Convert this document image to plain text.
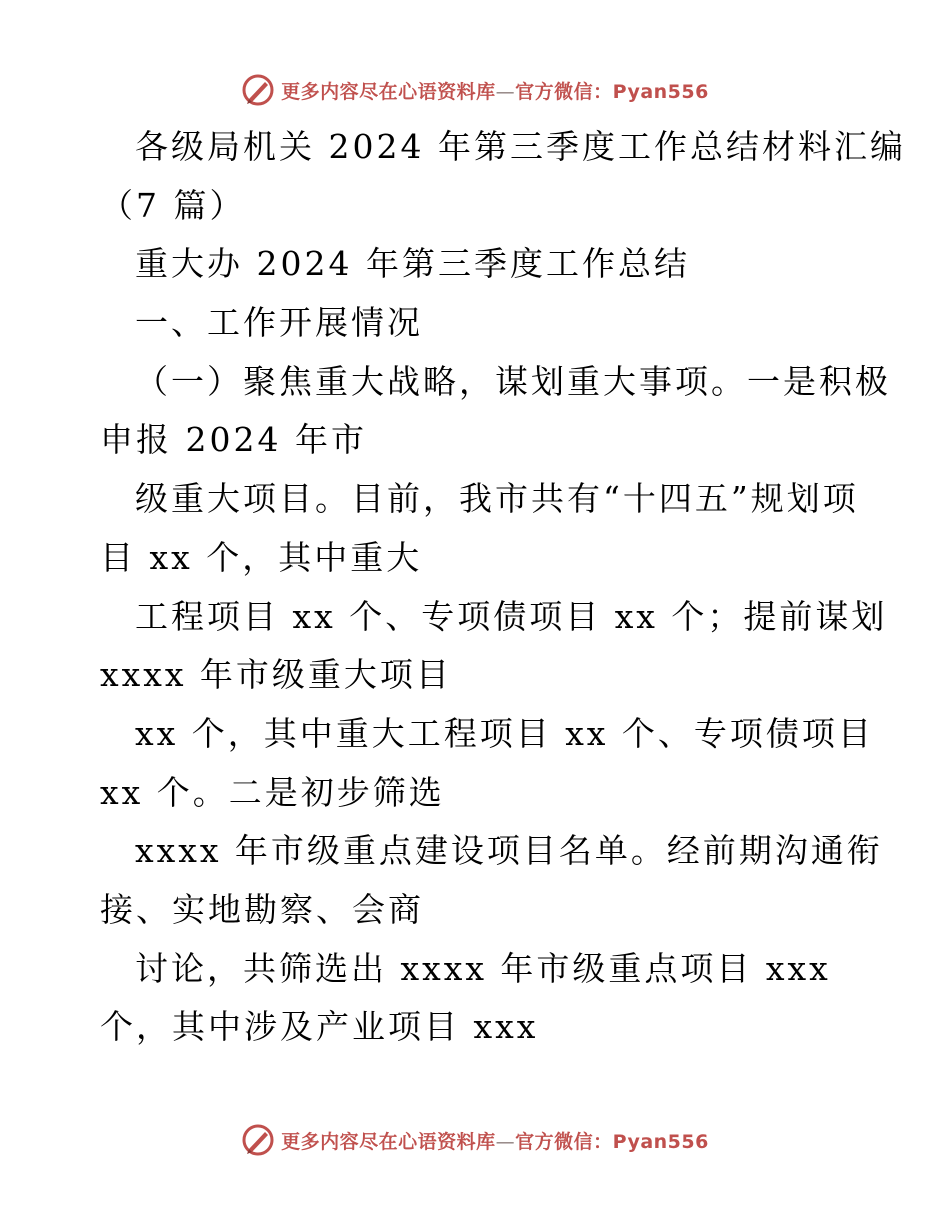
更多内容尽在心语资料库—官方微信：Pyan556
各级局机关 2024 年第三季度工作总结材料汇编
（7 篇）
重大办 2024 年第三季度工作总结
一、工作开展情况
（一）聚焦重大战略，谋划重大事项。一是积极
申报 2024 年市
级重大项目。目前，我市共有“十四五”规划项
目 xx 个，其中重大
工程项目 xx 个、专项债项目 xx 个；提前谋划
xxxx 年市级重大项目
xx 个，其中重大工程项目 xx 个、专项债项目
xx 个。二是初步筛选
xxxx 年市级重点建设项目名单。经前期沟通衔
接、实地勘察、会商
讨论，共筛选出 xxxx 年市级重点项目 xxx
个，其中涉及产业项目 xxx
更多内容尽在心语资料库—官方微信：Pyan556
